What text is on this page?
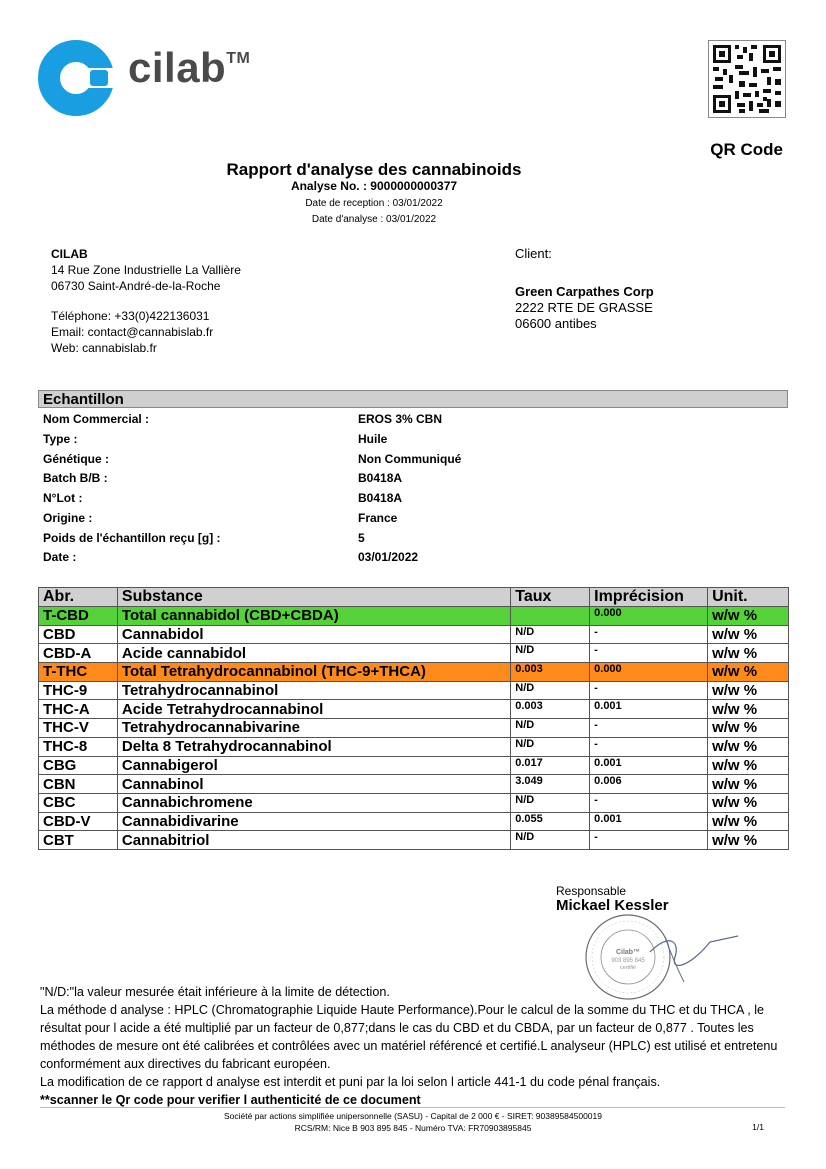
cilab™
QR Code
Rapport d'analyse des cannabinoids
Analyse No. : 9000000000377
Date de reception : 03/01/2022
Date d'analyse : 03/01/2022
CILAB
14 Rue Zone Industrielle La Vallière
06730 Saint-André-de-la-Roche
Téléphone: +33(0)422136031
Email: contact@cannabislab.fr
Web: cannabislab.fr
Client:
Green Carpathes Corp
2222 RTE DE GRASSE
06600 antibes
Echantillon
Nom Commercial :	EROS 3% CBN
Type :	Huile
Génétique :	Non Communiqué
Batch B/B :	B0418A
N°Lot :	B0418A
Origine :	France
Poids de l'échantillon reçu [g] :	5
Date :	03/01/2022
Abr.	Substance	Taux	Imprécision	Unit.
T-CBD	Total cannabidol (CBD+CBDA)		0.000	w/w %
CBD	Cannabidol	N/D	-	w/w %
CBD-A	Acide cannabidol	N/D	-	w/w %
T-THC	Total Tetrahydrocannabinol (THC-9+THCA)	0.003	0.000	w/w %
THC-9	Tetrahydrocannabinol	N/D	-	w/w %
THC-A	Acide Tetrahydrocannabinol	0.003	0.001	w/w %
THC-V	Tetrahydrocannabivarine	N/D	-	w/w %
THC-8	Delta 8 Tetrahydrocannabinol	N/D	-	w/w %
CBG	Cannabigerol	0.017	0.001	w/w %
CBN	Cannabinol	3.049	0.006	w/w %
CBC	Cannabichromene	N/D	-	w/w %
CBD-V	Cannabidivarine	0.055	0.001	w/w %
CBT	Cannabitriol	N/D	-	w/w %
Responsable
Mickael Kessler
Cilab™
903 895 845
certifié
"N/D:"la valeur mesurée était inférieure à la limite de détection.
La méthode d analyse : HPLC (Chromatographie Liquide Haute Performance).Pour le calcul de la somme du THC et du THCA , le résultat pour l acide a été multiplié par un facteur de 0,877;dans le cas du CBD et du CBDA, par un facteur de 0,877 . Toutes les méthodes de mesure ont été calibrées et contrôlées avec un matériel référencé et certifié.L analyseur (HPLC) est utilisé et entretenu conformément aux directives du fabricant européen.
La modification de ce rapport d analyse est interdit et puni par la loi selon l article 441-1 du code pénal français.
**scanner le Qr code pour verifier l authenticité de ce document
Société par actions simplifiée unipersonnelle (SASU) - Capital de 2 000 € - SIRET: 90389584500019
RCS/RM: Nice B 903 895 845 - Numéro TVA: FR70903895845	1/1
